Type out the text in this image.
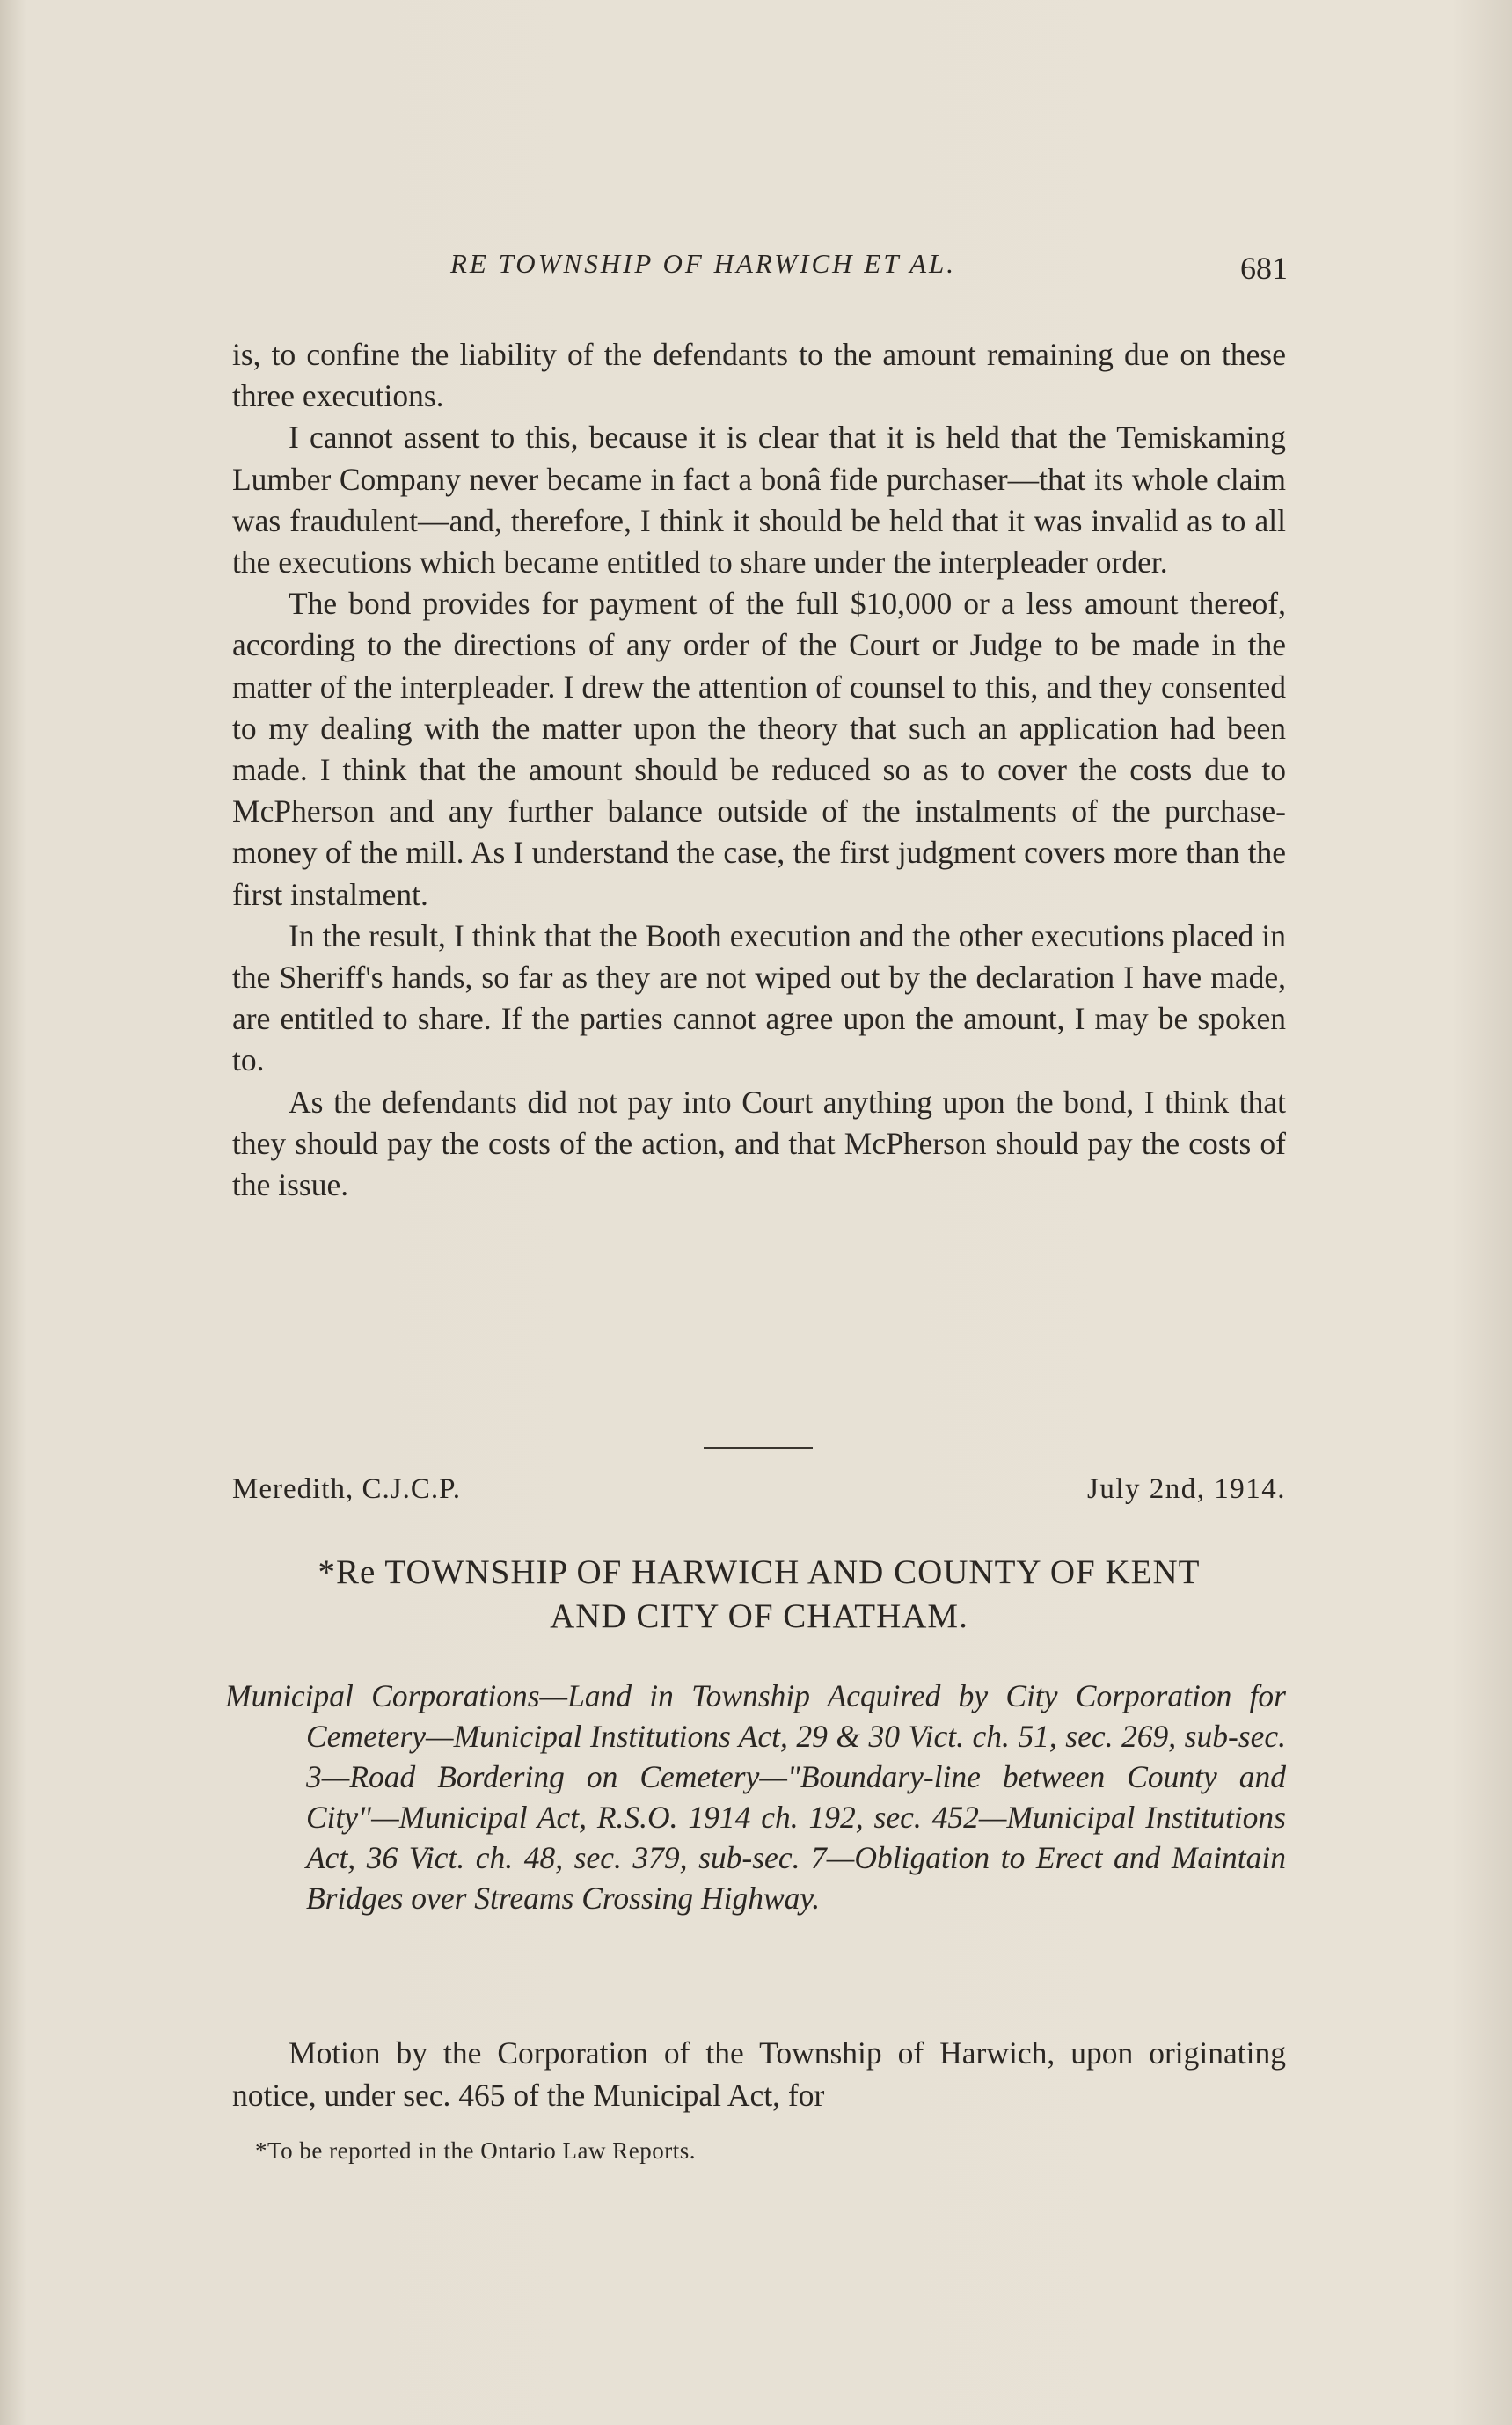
RE TOWNSHIP OF HARWICH ET AL.	681

is, to confine the liability of the defendants to the amount remaining due on these three executions.

I cannot assent to this, because it is clear that it is held that the Temiskaming Lumber Company never became in fact a bonâ fide purchaser—that its whole claim was fraudulent—and, therefore, I think it should be held that it was invalid as to all the executions which became entitled to share under the interpleader order.

The bond provides for payment of the full $10,000 or a less amount thereof, according to the directions of any order of the Court or Judge to be made in the matter of the interpleader. I drew the attention of counsel to this, and they consented to my dealing with the matter upon the theory that such an application had been made. I think that the amount should be reduced so as to cover the costs due to McPherson and any further balance outside of the instalments of the purchase-money of the mill. As I understand the case, the first judgment covers more than the first instalment.

In the result, I think that the Booth execution and the other executions placed in the Sheriff's hands, so far as they are not wiped out by the declaration I have made, are entitled to share. If the parties cannot agree upon the amount, I may be spoken to.

As the defendants did not pay into Court anything upon the bond, I think that they should pay the costs of the action, and that McPherson should pay the costs of the issue.

Meredith, C.J.C.P.	July 2nd, 1914.
*Re TOWNSHIP OF HARWICH AND COUNTY OF KENT
AND CITY OF CHATHAM.

Municipal Corporations—Land in Township Acquired by City Corporation for Cemetery—Municipal Institutions Act, 29 & 30 Vict. ch. 51, sec. 269, sub-sec. 3—Road Bordering on Cemetery—"Boundary-line between County and City"—Municipal Act, R.S.O. 1914 ch. 192, sec. 452—Municipal Institutions Act, 36 Vict. ch. 48, sec. 379, sub-sec. 7—Obligation to Erect and Maintain Bridges over Streams Crossing Highway.

Motion by the Corporation of the Township of Harwich, upon originating notice, under sec. 465 of the Municipal Act, for

*To be reported in the Ontario Law Reports.
